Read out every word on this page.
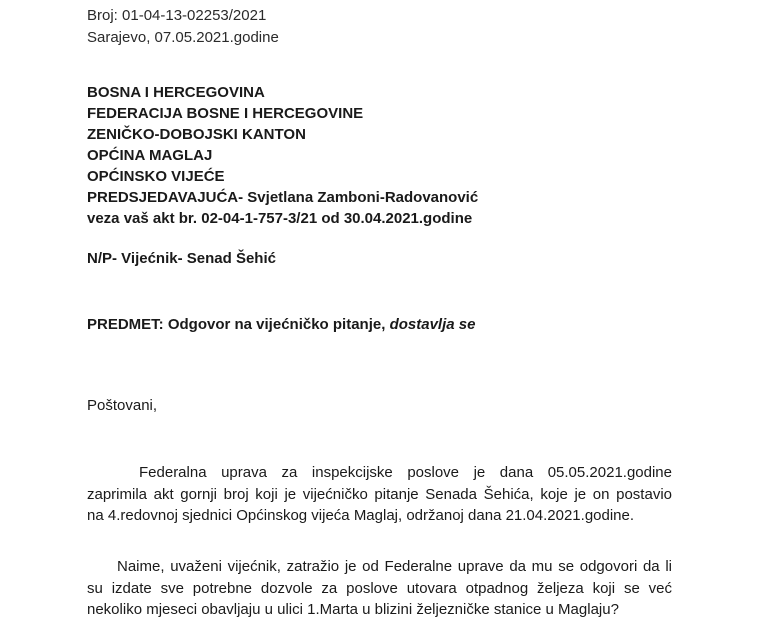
Broj: 01-04-13-02253/2021
Sarajevo, 07.05.2021.godine
BOSNA I HERCEGOVINA
FEDERACIJA BOSNE I HERCEGOVINE
ZENIČKO-DOBOJSKI KANTON
OPĆINA MAGLAJ
OPĆINSKO VIJEĆE
PREDSJEDAVAJUĆA- Svjetlana Zamboni-Radovanović
veza vaš akt br. 02-04-1-757-3/21 od 30.04.2021.godine
N/P- Vijećnik- Senad Šehić
PREDMET: Odgovor na vijećničko pitanje, dostavlja se
Poštovani,
Federalna uprava za inspekcijske poslove je dana 05.05.2021.godine
zaprimila akt gornji broj koji je vijećničko pitanje Senada Šehića, koje je on postavio
na 4.redovnoj sjednici Općinskog vijeća Maglaj, održanoj dana 21.04.2021.godine.
Naime, uvaženi vijećnik, zatražio je od Federalne uprave da mu se odgovori da li
su izdate sve potrebne dozvole za poslove utovara otpadnog željeza koji se već
nekoliko mjeseci obavljaju u ulici 1.Marta u blizini željezničke stanice u Maglaju?
